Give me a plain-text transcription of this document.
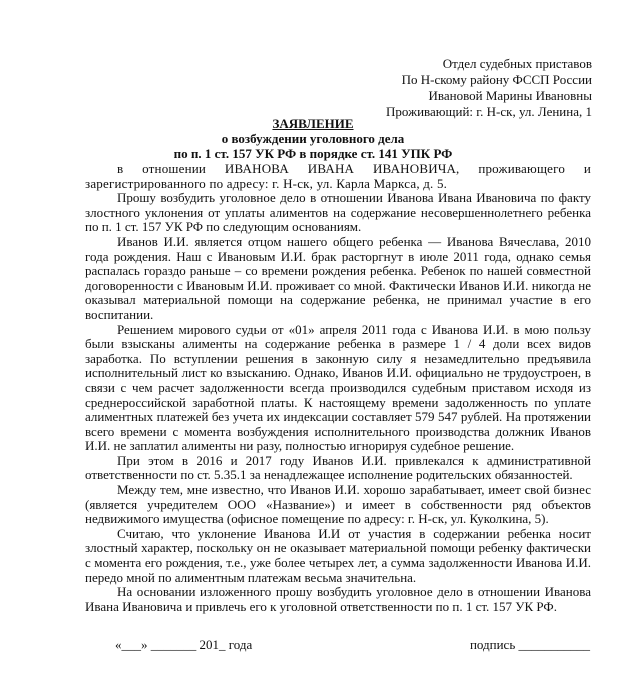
Отдел судебных приставов
По Н-скому району ФССП России
Ивановой Марины Ивановны
Проживающий: г. Н-ск, ул. Ленина, 1
ЗАЯВЛЕНИЕ
о возбуждении уголовного дела
по п. 1 ст. 157 УК РФ в порядке ст. 141 УПК РФ

в отношении ИВАНОВА ИВАНА ИВАНОВИЧА, проживающего и зарегистрированного по адресу: г. Н-ск, ул. Карла Маркса, д. 5.

Прошу возбудить уголовное дело в отношении Иванова Ивана Ивановича по факту злостного уклонения от уплаты алиментов на содержание несовершеннолетнего ребенка по п. 1 ст. 157 УК РФ по следующим основаниям.

Иванов И.И. является отцом нашего общего ребенка — Иванова Вячеслава, 2010 года рождения. Наш с Ивановым И.И. брак расторгнут в июле 2011 года, однако семья распалась гораздо раньше – со времени рождения ребенка. Ребенок по нашей совместной договоренности с Ивановым И.И. проживает со мной. Фактически Иванов И.И. никогда не оказывал материальной помощи на содержание ребенка, не принимал участие в его воспитании.

Решением мирового судьи от «01» апреля 2011 года с Иванова И.И. в мою пользу были взысканы алименты на содержание ребенка в размере 1 / 4 доли всех видов заработка. По вступлении решения в законную силу я незамедлительно предъявила исполнительный лист ко взысканию. Однако, Иванов И.И. официально не трудоустроен, в связи с чем расчет задолженности всегда производился судебным приставом исходя из среднероссийской заработной платы. К настоящему времени задолженность по уплате алиментных платежей без учета их индексации составляет 579 547 рублей. На протяжении всего времени с момента возбуждения исполнительного производства должник Иванов И.И. не заплатил алименты ни разу, полностью игнорируя судебное решение.

При этом в 2016 и 2017 году Иванов И.И. привлекался к административной ответственности по ст. 5.35.1 за ненадлежащее исполнение родительских обязанностей.

Между тем, мне известно, что Иванов И.И. хорошо зарабатывает, имеет свой бизнес (является учредителем ООО «Название») и имеет в собственности ряд объектов недвижимого имущества (офисное помещение по адресу: г. Н-ск, ул. Куколкина, 5).

Считаю, что уклонение Иванова И.И от участия в содержании ребенка носит злостный характер, поскольку он не оказывает материальной помощи ребенку фактически с момента его рождения, т.е., уже более четырех лет, а сумма задолженности Иванова И.И. передо мной по алиментным платежам весьма значительна.

На основании изложенного прошу возбудить уголовное дело в отношении Иванова Ивана Ивановича и привлечь его к уголовной ответственности по п. 1 ст. 157 УК РФ.

«___» _______ 201_ года	подпись ___________
